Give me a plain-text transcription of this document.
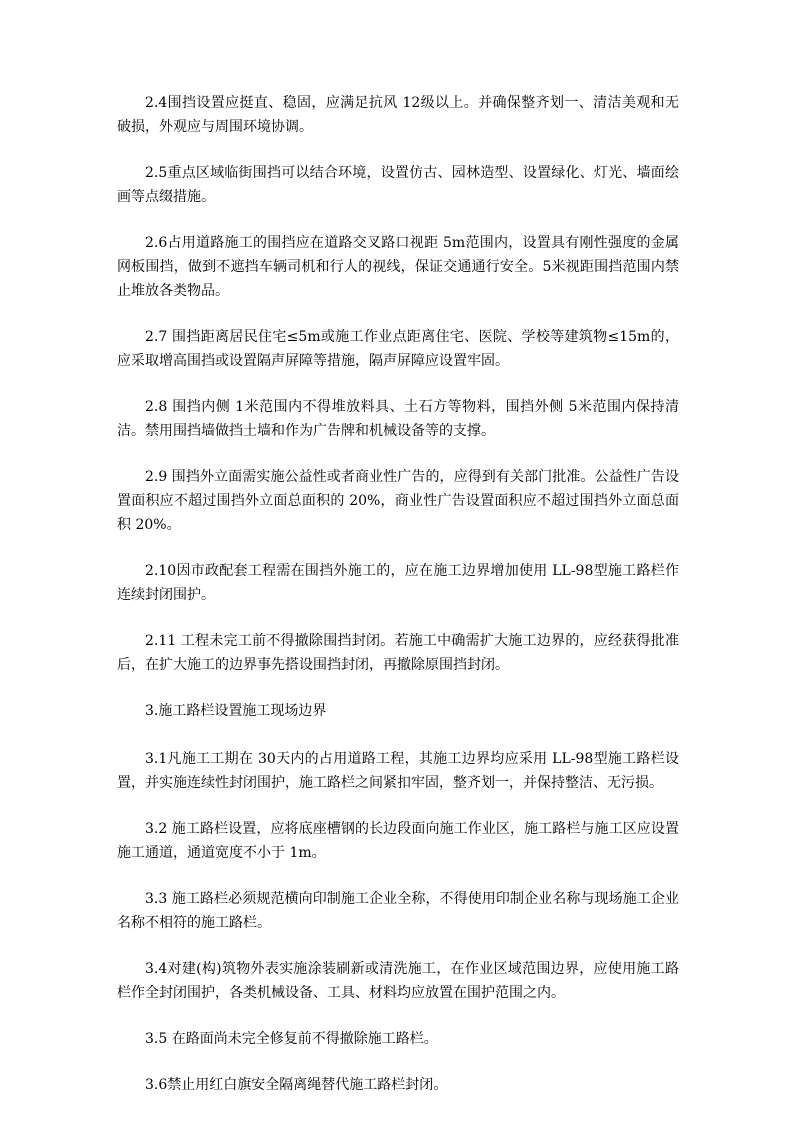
2.4围挡设置应挺直、稳固，应满足抗风 12级以上。并确保整齐划一、清洁美观和无破损，外观应与周围环境协调。

2.5重点区域临街围挡可以结合环境，设置仿古、园林造型、设置绿化、灯光、墙面绘画等点缀措施。

2.6占用道路施工的围挡应在道路交叉路口视距 5m范围内，设置具有刚性强度的金属网板围挡，做到不遮挡车辆司机和行人的视线，保证交通通行安全。5米视距围挡范围内禁止堆放各类物品。

2.7 围挡距离居民住宅≤5m或施工作业点距离住宅、医院、学校等建筑物≤15m的，应采取增高围挡或设置隔声屏障等措施，隔声屏障应设置牢固。

2.8 围挡内侧 1米范围内不得堆放料具、土石方等物料，围挡外侧 5米范围内保持清洁。禁用围挡墙做挡土墙和作为广告牌和机械设备等的支撑。

2.9 围挡外立面需实施公益性或者商业性广告的，应得到有关部门批准。公益性广告设置面积应不超过围挡外立面总面积的 20%，商业性广告设置面积应不超过围挡外立面总面积 20%。

2.10因市政配套工程需在围挡外施工的，应在施工边界增加使用 LL-98型施工路栏作连续封闭围护。

2.11 工程未完工前不得撤除围挡封闭。若施工中确需扩大施工边界的，应经获得批准后，在扩大施工的边界事先搭设围挡封闭，再撤除原围挡封闭。

3.施工路栏设置施工现场边界

3.1凡施工工期在 30天内的占用道路工程，其施工边界均应采用 LL-98型施工路栏设置，并实施连续性封闭围护，施工路栏之间紧扣牢固，整齐划一，并保持整洁、无污损。

3.2 施工路栏设置，应将底座槽钢的长边段面向施工作业区，施工路栏与施工区应设置施工通道，通道宽度不小于 1m。

3.3 施工路栏必须规范横向印制施工企业全称，不得使用印制企业名称与现场施工企业名称不相符的施工路栏。

3.4对建(构)筑物外表实施涂装刷新或清洗施工，在作业区域范围边界，应使用施工路栏作全封闭围护，各类机械设备、工具、材料均应放置在围护范围之内。

3.5 在路面尚未完全修复前不得撤除施工路栏。

3.6禁止用红白旗安全隔离绳替代施工路栏封闭。
